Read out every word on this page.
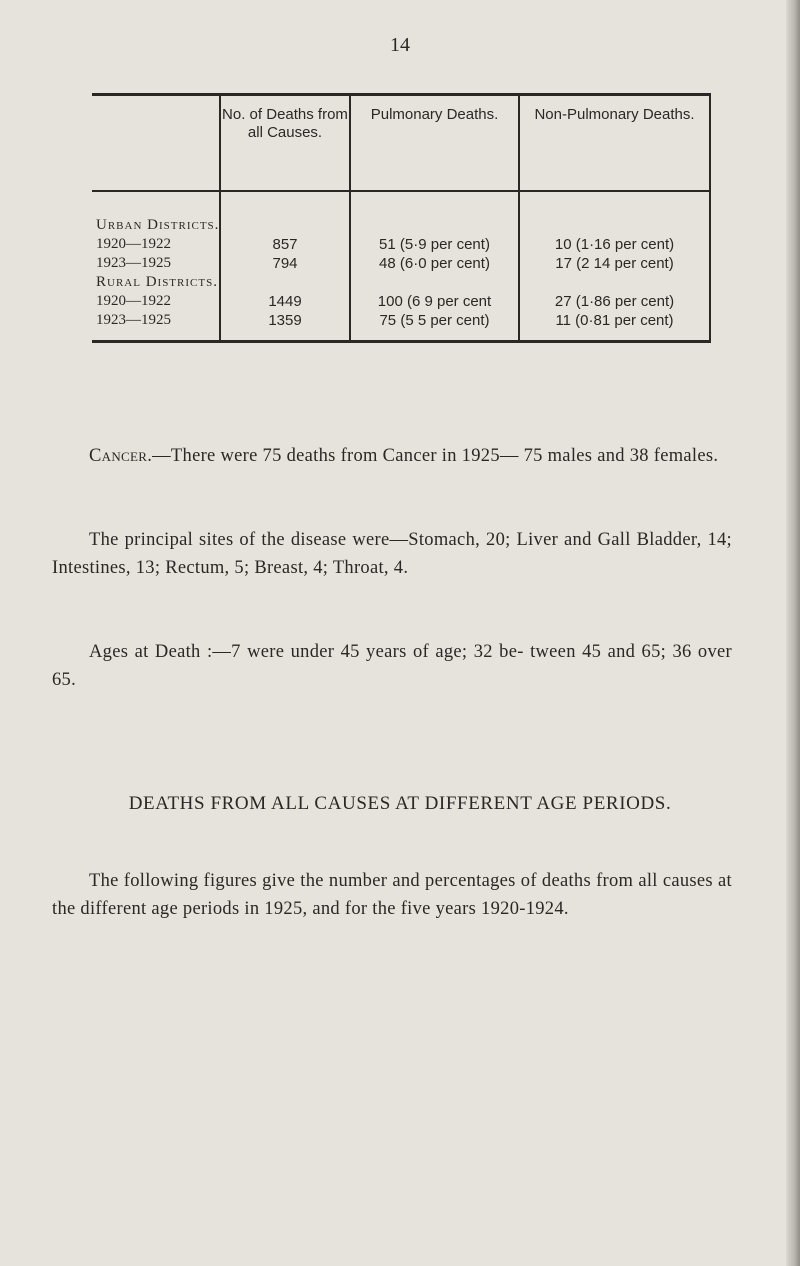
14
	No. of Deaths from all Causes.	Pulmonary Deaths.	Non-Pulmonary Deaths.
Urban Districts.			
1920—1922	857	51 (5·9 per cent)	10 (1·16 per cent)
1923—1925	794	48 (6·0 per cent)	17 (2 14 per cent)
Rural Districts.			
1920—1922	1449	100 (6 9 per cent	27 (1·86 per cent)
1923—1925	1359	75 (5 5 per cent)	11 (0·81 per cent)

Cancer.—There were 75 deaths from Cancer in 1925— 75 males and 38 females.

The principal sites of the disease were—Stomach, 20; Liver and Gall Bladder, 14; Intestines, 13; Rectum, 5; Breast, 4; Throat, 4.

Ages at Death :—7 were under 45 years of age; 32 be- tween 45 and 65; 36 over 65.

DEATHS FROM ALL CAUSES AT DIFFERENT AGE PERIODS.

The following figures give the number and percentages of deaths from all causes at the different age periods in 1925, and for the five years 1920-1924.
